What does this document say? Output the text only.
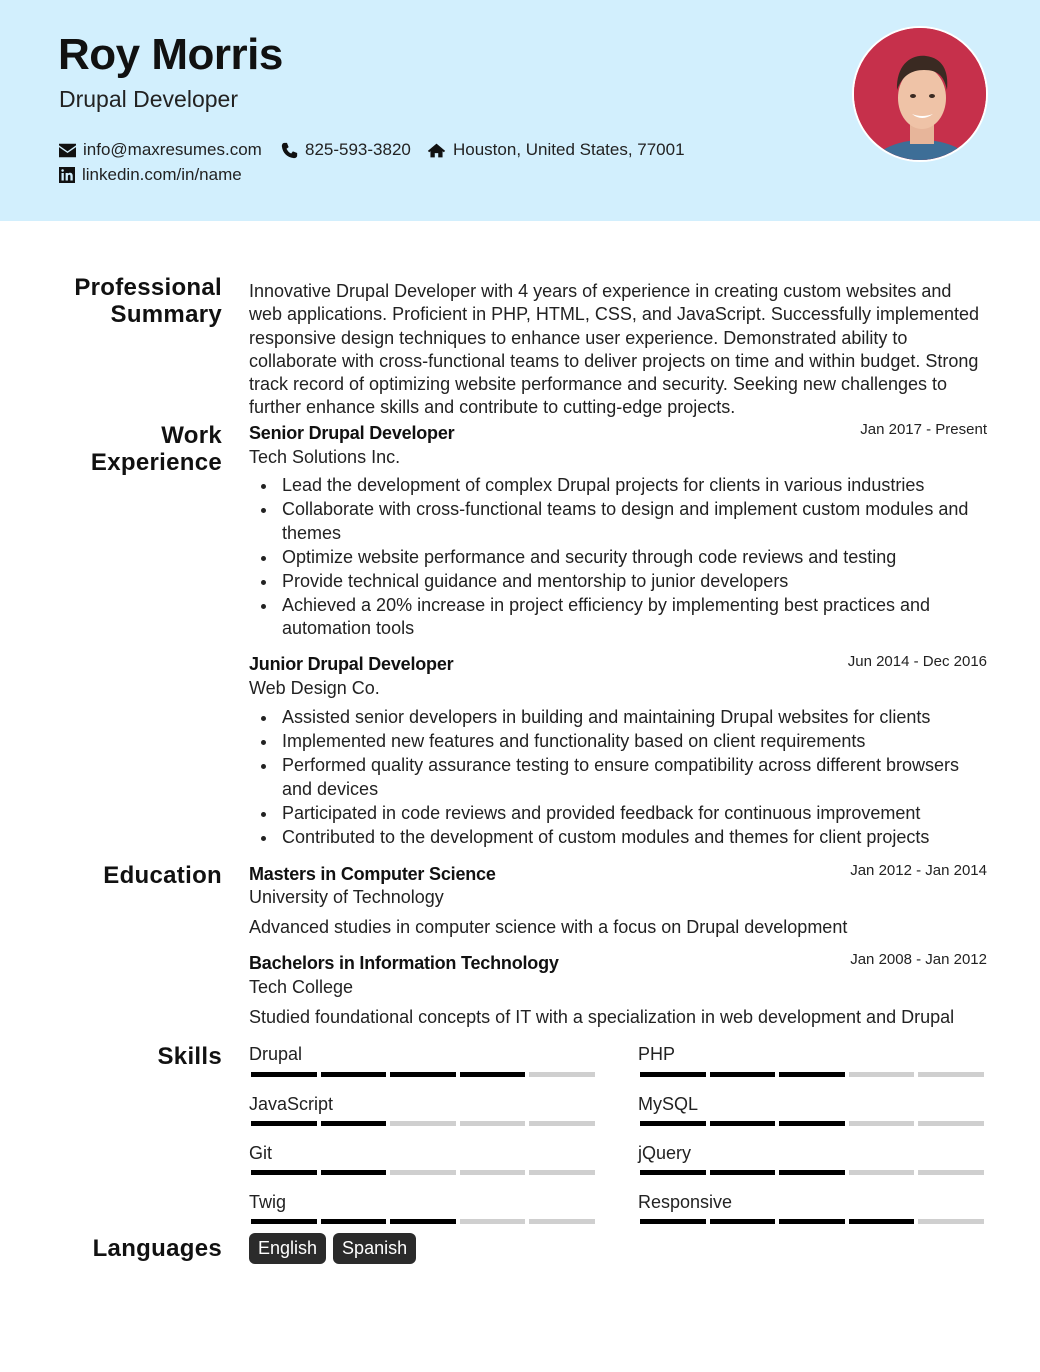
Roy Morris
Drupal Developer
info@maxresumes.com	825-593-3820 Houston, United States, 77001
linkedin.com/in/name
Professional Summary
Innovative Drupal Developer with 4 years of experience in creating custom websites and web applications. Proficient in PHP, HTML, CSS, and JavaScript. Successfully implemented responsive design techniques to enhance user experience. Demonstrated ability to collaborate with cross-functional teams to deliver projects on time and within budget. Strong track record of optimizing website performance and security. Seeking new challenges to further enhance skills and contribute to cutting-edge projects.
Work Experience
Senior Drupal Developer	Jan 2017 - Present
Tech Solutions Inc.
Lead the development of complex Drupal projects for clients in various industries
Collaborate with cross-functional teams to design and implement custom modules and themes
Optimize website performance and security through code reviews and testing
Provide technical guidance and mentorship to junior developers
Achieved a 20% increase in project efficiency by implementing best practices and automation tools
Junior Drupal Developer	Jun 2014 - Dec 2016
Web Design Co.
Assisted senior developers in building and maintaining Drupal websites for clients
Implemented new features and functionality based on client requirements
Performed quality assurance testing to ensure compatibility across different browsers and devices
Participated in code reviews and provided feedback for continuous improvement
Contributed to the development of custom modules and themes for client projects
Education Masters in Computer Science	Jan 2012 - Jan 2014
University of Technology
Advanced studies in computer science with a focus on Drupal development
Bachelors in Information Technology	Jan 2008 - Jan 2012
Tech College
Studied foundational concepts of IT with a specialization in web development and Drupal
Skills Drupal	PHP
JavaScript	MySQL
Git	jQuery
Twig	Responsive
Languages	English	Spanish
